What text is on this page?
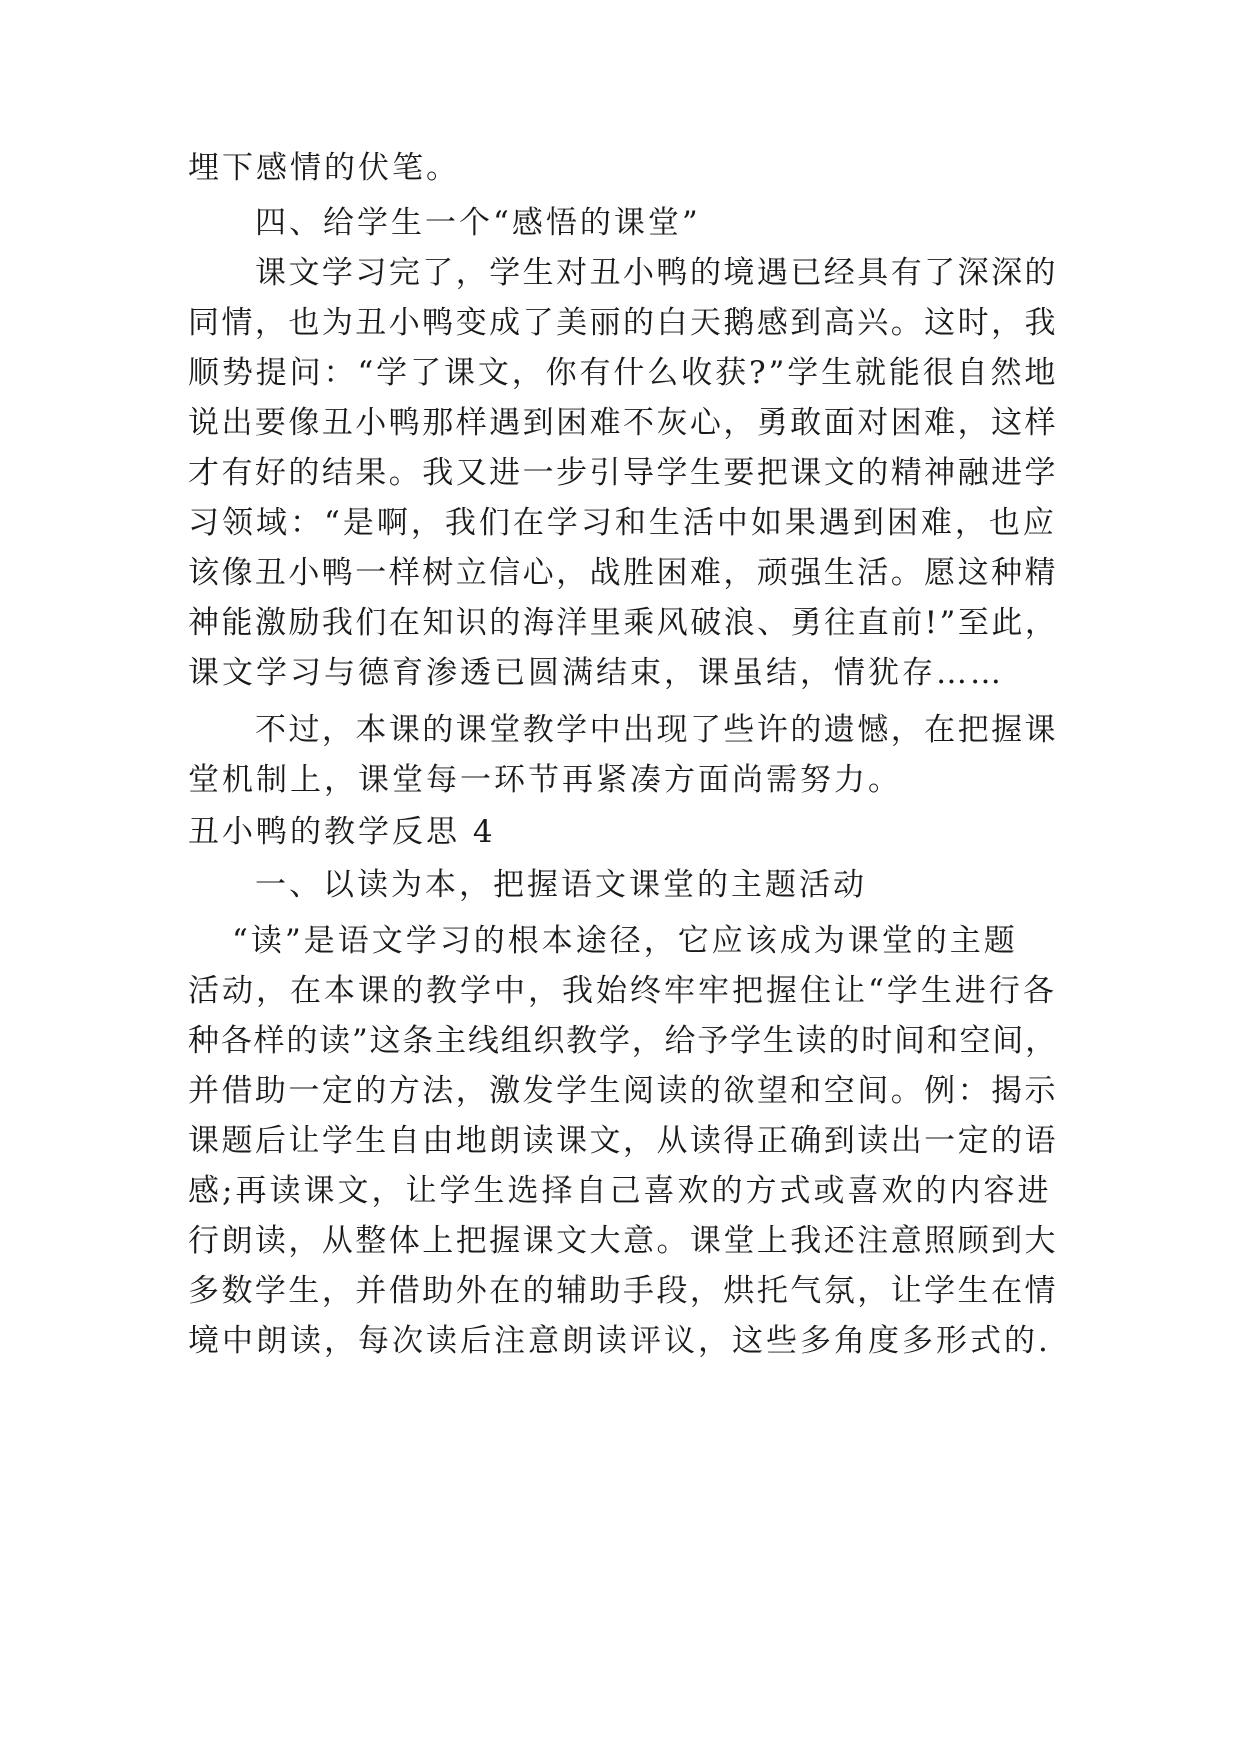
埋下感情的伏笔。
四、给学生一个“感悟的课堂”
课文学习完了，学生对丑小鸭的境遇已经具有了深深的
同情，也为丑小鸭变成了美丽的白天鹅感到高兴。这时，我
顺势提问：“学了课文，你有什么收获?”学生就能很自然地
说出要像丑小鸭那样遇到困难不灰心，勇敢面对困难，这样
才有好的结果。我又进一步引导学生要把课文的精神融进学
习领域：“是啊，我们在学习和生活中如果遇到困难，也应
该像丑小鸭一样树立信心，战胜困难，顽强生活。愿这种精
神能激励我们在知识的海洋里乘风破浪、勇往直前!”至此，
课文学习与德育渗透已圆满结束，课虽结，情犹存……
不过，本课的课堂教学中出现了些许的遗憾，在把握课
堂机制上，课堂每一环节再紧凑方面尚需努力。
丑小鸭的教学反思 4
一、以读为本，把握语文课堂的主题活动
“读”是语文学习的根本途径，它应该成为课堂的主题
活动，在本课的教学中，我始终牢牢把握住让“学生进行各
种各样的读”这条主线组织教学，给予学生读的时间和空间，
并借助一定的方法，激发学生阅读的欲望和空间。例：揭示
课题后让学生自由地朗读课文，从读得正确到读出一定的语
感;再读课文，让学生选择自己喜欢的方式或喜欢的内容进
行朗读，从整体上把握课文大意。课堂上我还注意照顾到大
多数学生，并借助外在的辅助手段，烘托气氛，让学生在情
境中朗读，每次读后注意朗读评议，这些多角度多形式的.
